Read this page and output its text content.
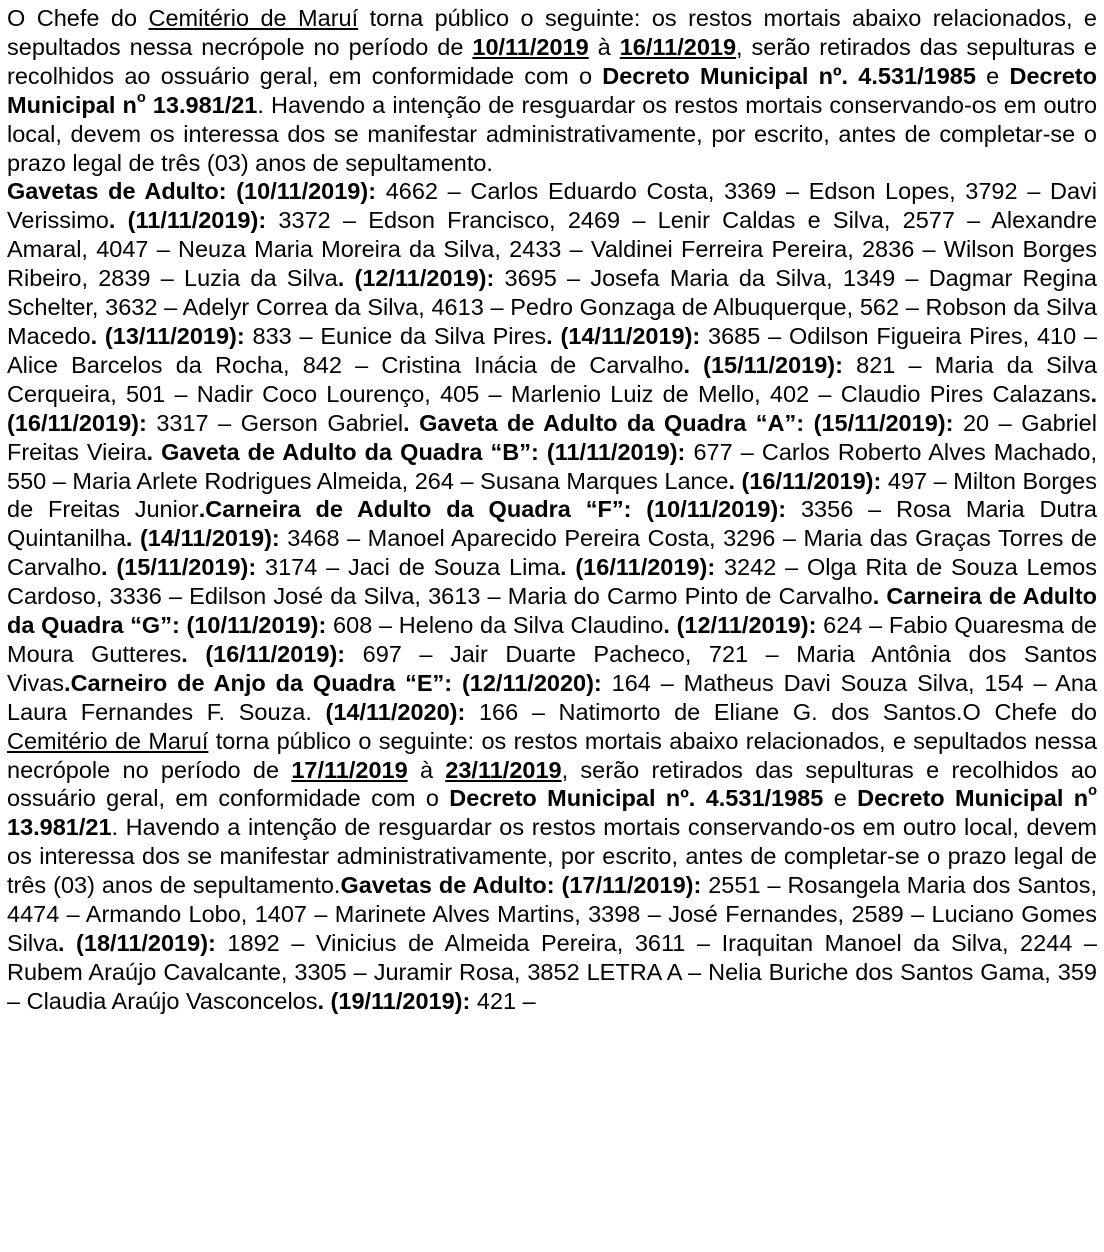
O Chefe do Cemitério de Maruí torna público o seguinte: os restos mortais abaixo relacionados, e sepultados nessa necrópole no período de 10/11/2019 à 16/11/2019, serão retirados das sepulturas e recolhidos ao ossuário geral, em conformidade com o Decreto Municipal nº. 4.531/1985 e Decreto Municipal $n^o$ 13.981/21. Havendo a intenção de resguardar os restos mortais conservando-os em outro local, devem os interessa dos se manifestar administrativamente, por escrito, antes de completar-se o prazo legal de três (03) anos de sepultamento.

Gavetas de Adulto: (10/11/2019): 4662 – Carlos Eduardo Costa, 3369 – Edson Lopes, 3792 – Davi Verissimo. (11/11/2019): 3372 – Edson Francisco, 2469 – Lenir Caldas e Silva, 2577 – Alexandre Amaral, 4047 – Neuza Maria Moreira da Silva, 2433 – Valdinei Ferreira Pereira, 2836 – Wilson Borges Ribeiro, 2839 – Luzia da Silva. (12/11/2019): 3695 – Josefa Maria da Silva, 1349 – Dagmar Regina Schelter, 3632 – Adelyr Correa da Silva, 4613 – Pedro Gonzaga de Albuquerque, 562 – Robson da Silva Macedo. (13/11/2019): 833 – Eunice da Silva Pires. (14/11/2019): 3685 – Odilson Figueira Pires, 410 – Alice Barcelos da Rocha, 842 – Cristina Inácia de Carvalho. (15/11/2019): 821 – Maria da Silva Cerqueira, 501 – Nadir Coco Lourenço, 405 – Marlenio Luiz de Mello, 402 – Claudio Pires Calazans. (16/11/2019): 3317 – Gerson Gabriel. Gaveta de Adulto da Quadra “A”: (15/11/2019): 20 – Gabriel Freitas Vieira. Gaveta de Adulto da Quadra “B”: (11/11/2019): 677 – Carlos Roberto Alves Machado, 550 – Maria Arlete Rodrigues Almeida, 264 – Susana Marques Lance. (16/11/2019): 497 – Milton Borges de Freitas Junior.Carneira de Adulto da Quadra “F”: (10/11/2019): 3356 – Rosa Maria Dutra Quintanilha. (14/11/2019): 3468 – Manoel Aparecido Pereira Costa, 3296 – Maria das Graças Torres de Carvalho. (15/11/2019): 3174 – Jaci de Souza Lima. (16/11/2019): 3242 – Olga Rita de Souza Lemos Cardoso, 3336 – Edilson José da Silva, 3613 – Maria do Carmo Pinto de Carvalho. Carneira de Adulto da Quadra “G”: (10/11/2019): 608 – Heleno da Silva Claudino. (12/11/2019): 624 – Fabio Quaresma de Moura Gutteres. (16/11/2019): 697 – Jair Duarte Pacheco, 721 – Maria Antônia dos Santos Vivas.Carneiro de Anjo da Quadra “E”: (12/11/2020): 164 – Matheus Davi Souza Silva, 154 – Ana Laura Fernandes F. Souza. (14/11/2020): 166 – Natimorto de Eliane G. dos Santos.O Chefe do Cemitério de Maruí torna público o seguinte: os restos mortais abaixo relacionados, e sepultados nessa necrópole no período de 17/11/2019 à 23/11/2019, serão retirados das sepulturas e recolhidos ao ossuário geral, em conformidade com o Decreto Municipal nº. 4.531/1985 e Decreto Municipal $n^o$ 13.981/21. Havendo a intenção de resguardar os restos mortais conservando-os em outro local, devem os interessa dos se manifestar administrativamente, por escrito, antes de completar-se o prazo legal de três (03) anos de sepultamento.Gavetas de Adulto: (17/11/2019): 2551 – Rosangela Maria dos Santos, 4474 – Armando Lobo, 1407 – Marinete Alves Martins, 3398 – José Fernandes, 2589 – Luciano Gomes Silva. (18/11/2019): 1892 – Vinicius de Almeida Pereira, 3611 – Iraquitan Manoel da Silva, 2244 – Rubem Araújo Cavalcante, 3305 – Juramir Rosa, 3852 LETRA A – Nelia Buriche dos Santos Gama, 359 – Claudia Araújo Vasconcelos. (19/11/2019): 421 –
